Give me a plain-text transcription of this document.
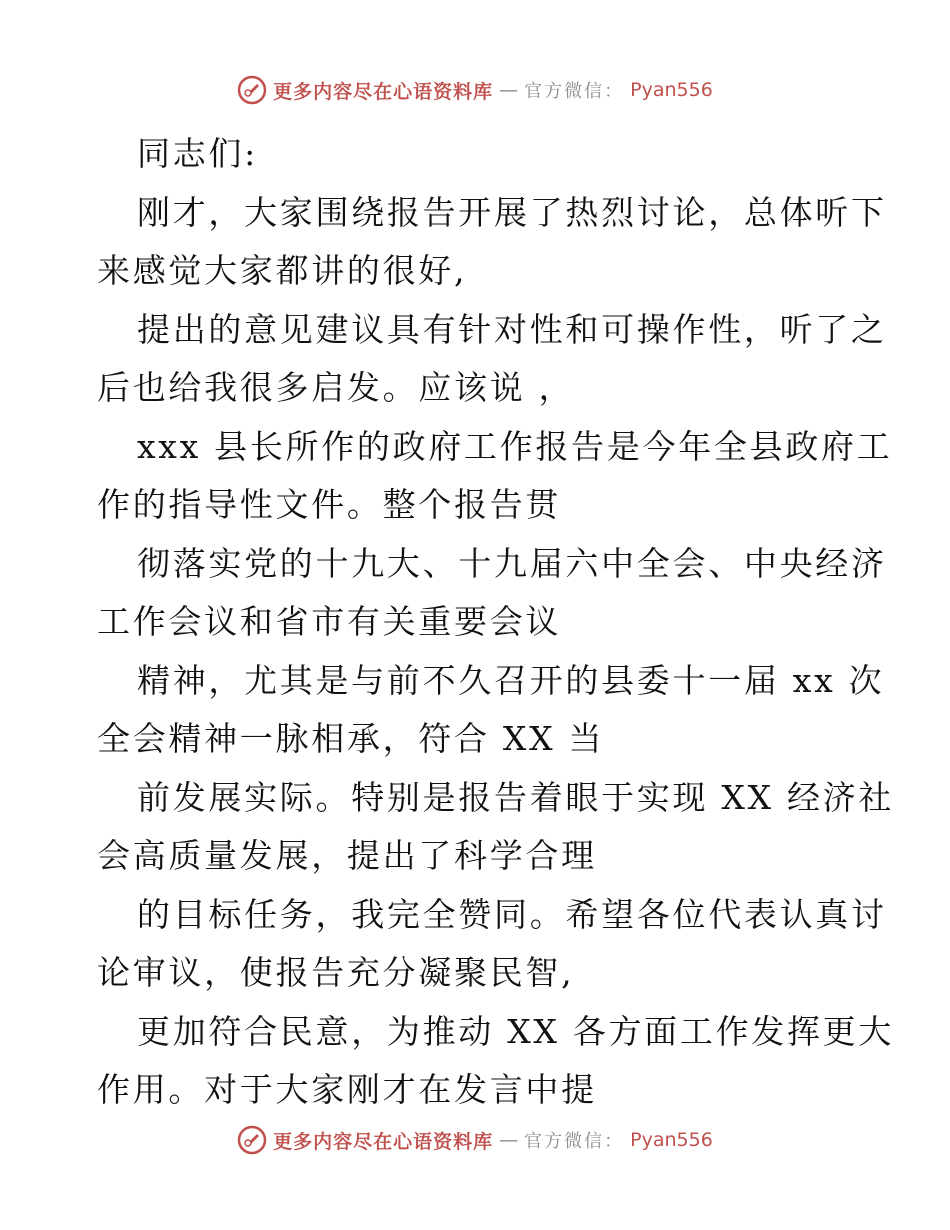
更多内容尽在心语资料库 — 官方微信： Pyan556
同志们:
刚才，大家围绕报告开展了热烈讨论，总体听下
来感觉大家都讲的很好,
提出的意见建议具有针对性和可操作性，听了之
后也给我很多启发。应该说 ，
xxx 县长所作的政府工作报告是今年全县政府工
作的指导性文件。整个报告贯
彻落实党的十九大、十九届六中全会、中央经济
工作会议和省市有关重要会议
精神，尤其是与前不久召开的县委十一届 xx 次
全会精神一脉相承，符合 XX 当
前发展实际。特别是报告着眼于实现 XX 经济社
会高质量发展，提出了科学合理
的目标任务，我完全赞同。希望各位代表认真讨
论审议，使报告充分凝聚民智,
更加符合民意，为推动 XX 各方面工作发挥更大
作用。对于大家刚才在发言中提
更多内容尽在心语资料库 — 官方微信： Pyan556
